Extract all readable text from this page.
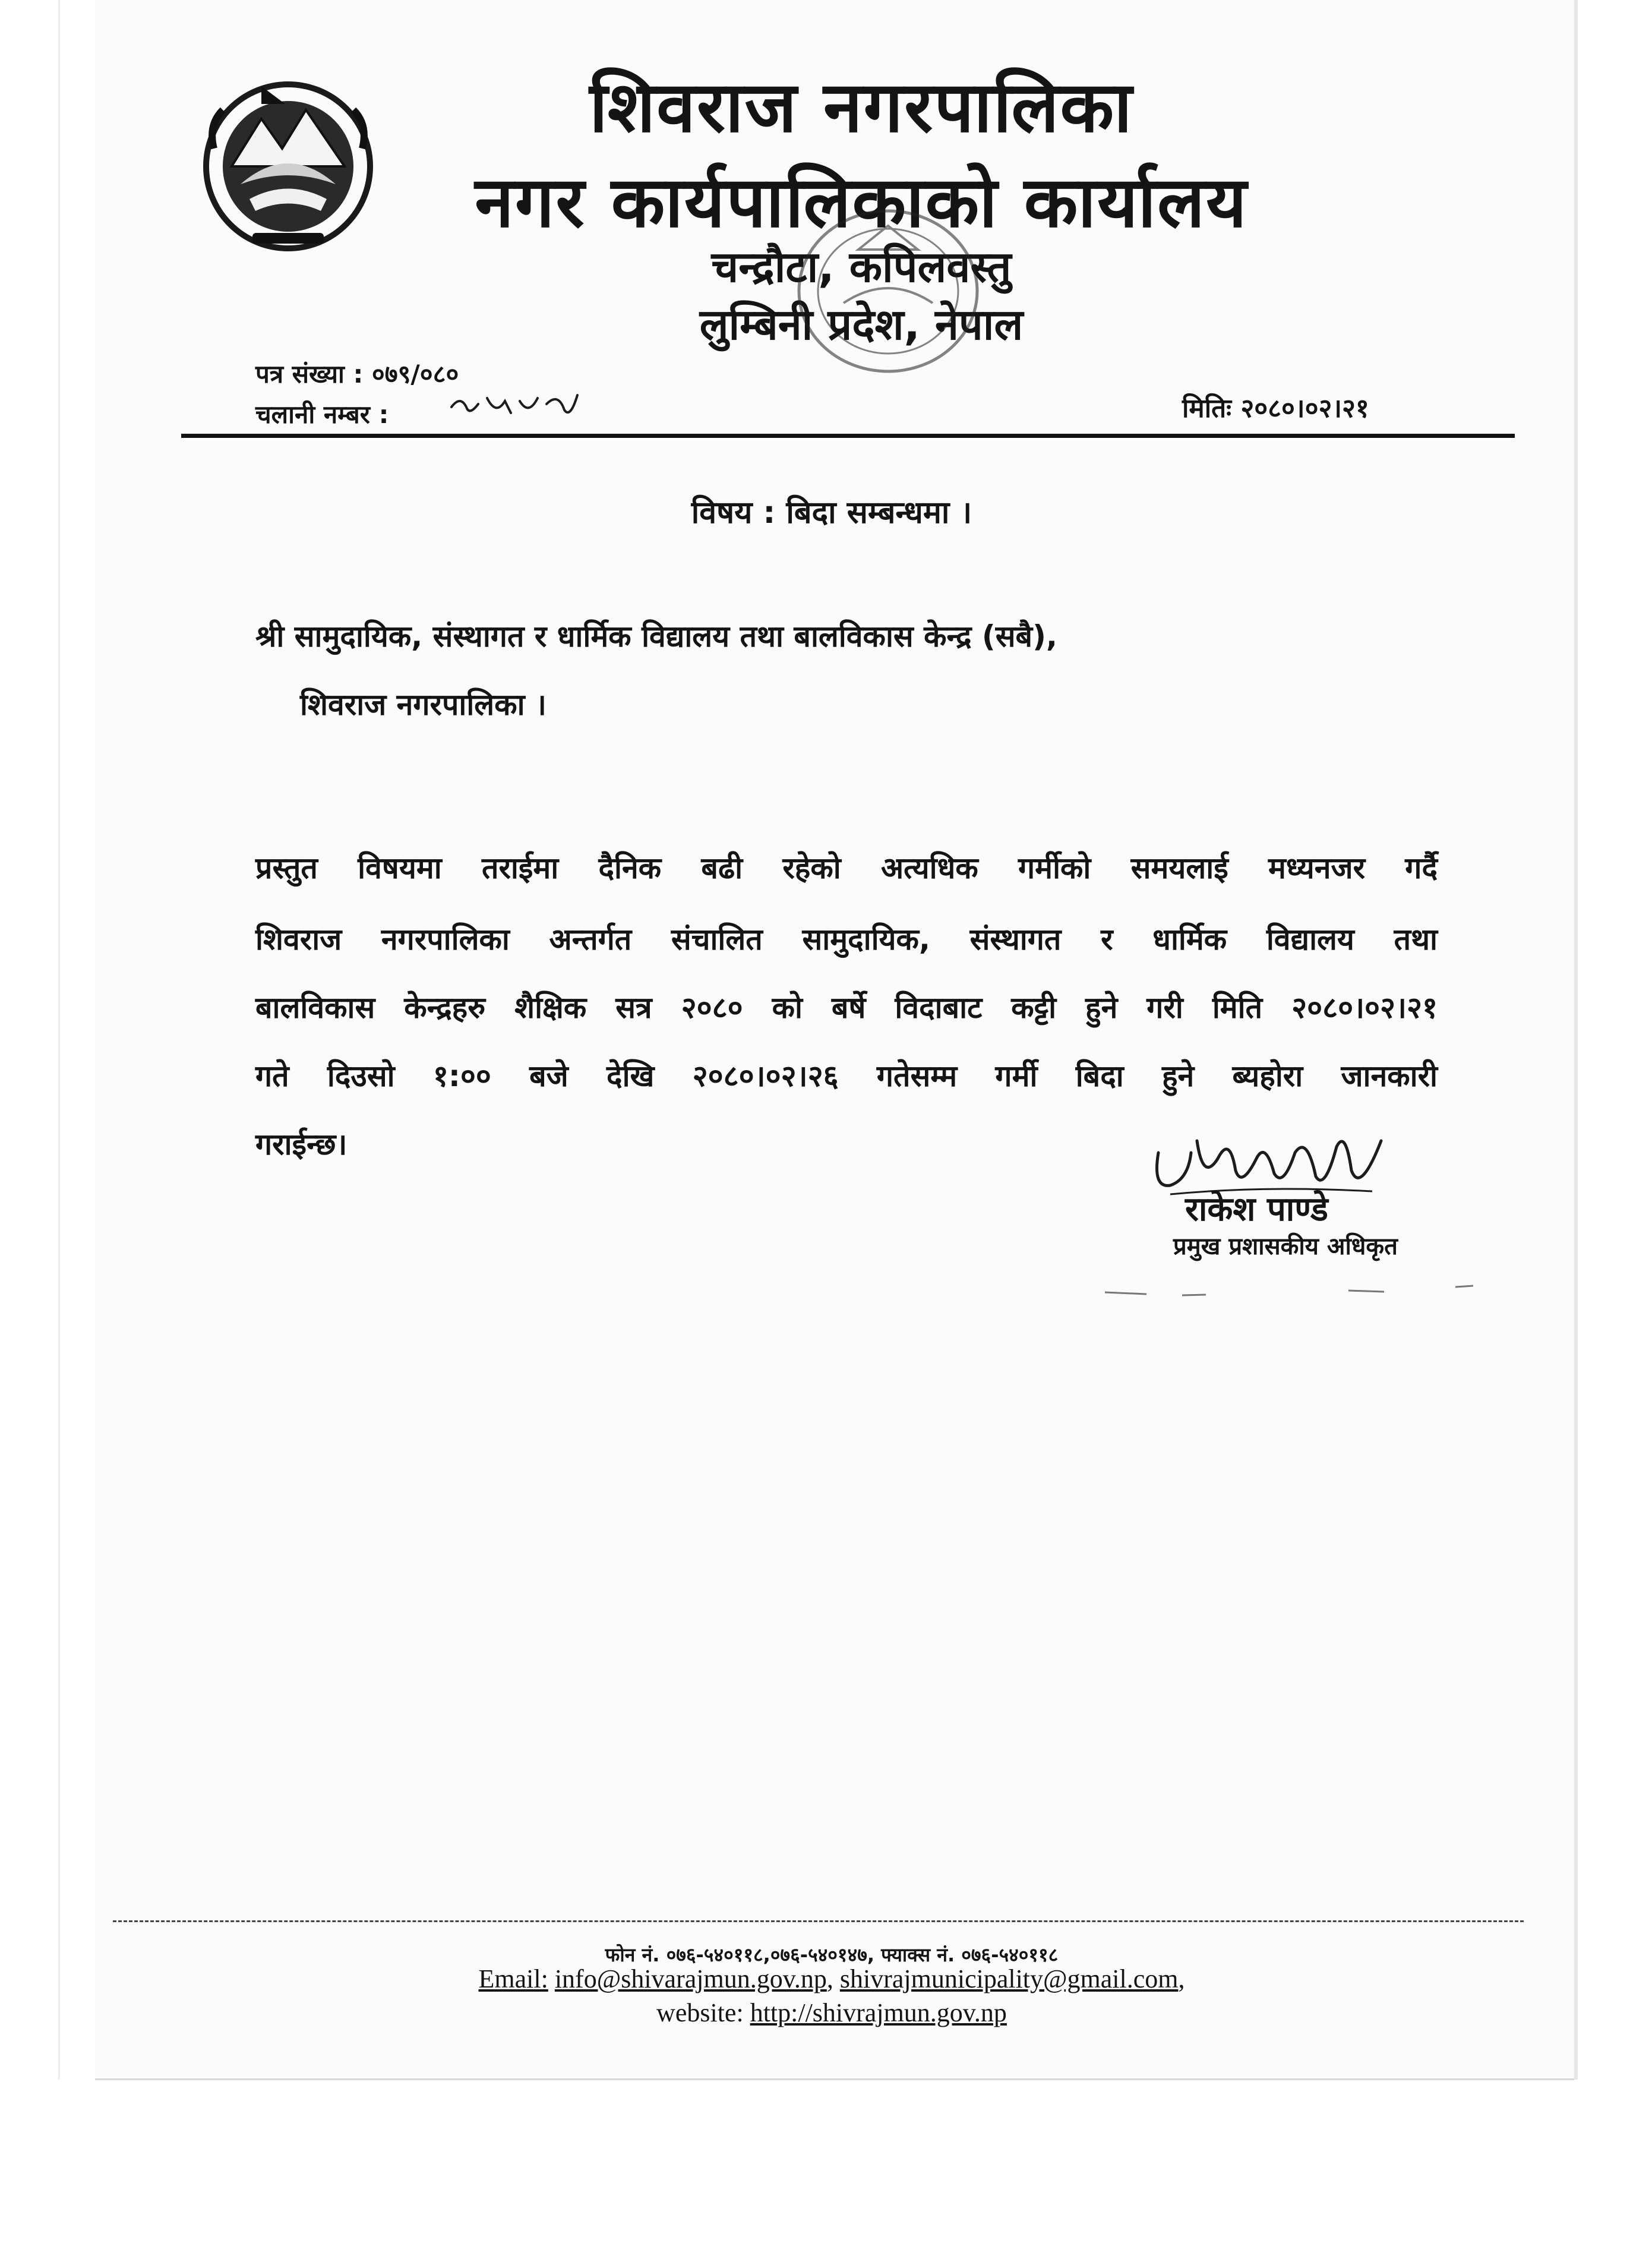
शिवराज नगरपालिका
नगर कार्यपालिकाको कार्यालय
चन्द्रौटा, कपिलवस्तु
लुम्बिनी प्रदेश, नेपाल
पत्र संख्या : ०७९/०८०
चलानी नम्बर :	मितिः २०८०।०२।२१
विषय : बिदा सम्बन्धमा ।
श्री सामुदायिक, संस्थागत र धार्मिक विद्यालय तथा बालविकास केन्द्र (सबै),
शिवराज नगरपालिका ।
प्रस्तुत विषयमा तराईमा दैनिक बढी रहेको अत्यधिक गर्मीको समयलाई मध्यनजर गर्दै
शिवराज नगरपालिका अन्तर्गत संचालित सामुदायिक, संस्थागत र धार्मिक विद्यालय तथा
बालविकास केन्द्रहरु शैक्षिक सत्र २०८० को बर्षे विदाबाट कट्टी हुने गरी मिति २०८०।०२।२१
गते दिउसो १:०० बजे देखि २०८०।०२।२६ गतेसम्म गर्मी बिदा हुने ब्यहोरा जानकारी
गराईन्छ।
राकेश पाण्डे
प्रमुख प्रशासकीय अधिकृत
फोन नं. ०७६-५४०११८,०७६-५४०१४७, फ्याक्स नं. ०७६-५४०११८
Email: info@shivarajmun.gov.np, shivrajmunicipality@gmail.com,
website: http://shivrajmun.gov.np
